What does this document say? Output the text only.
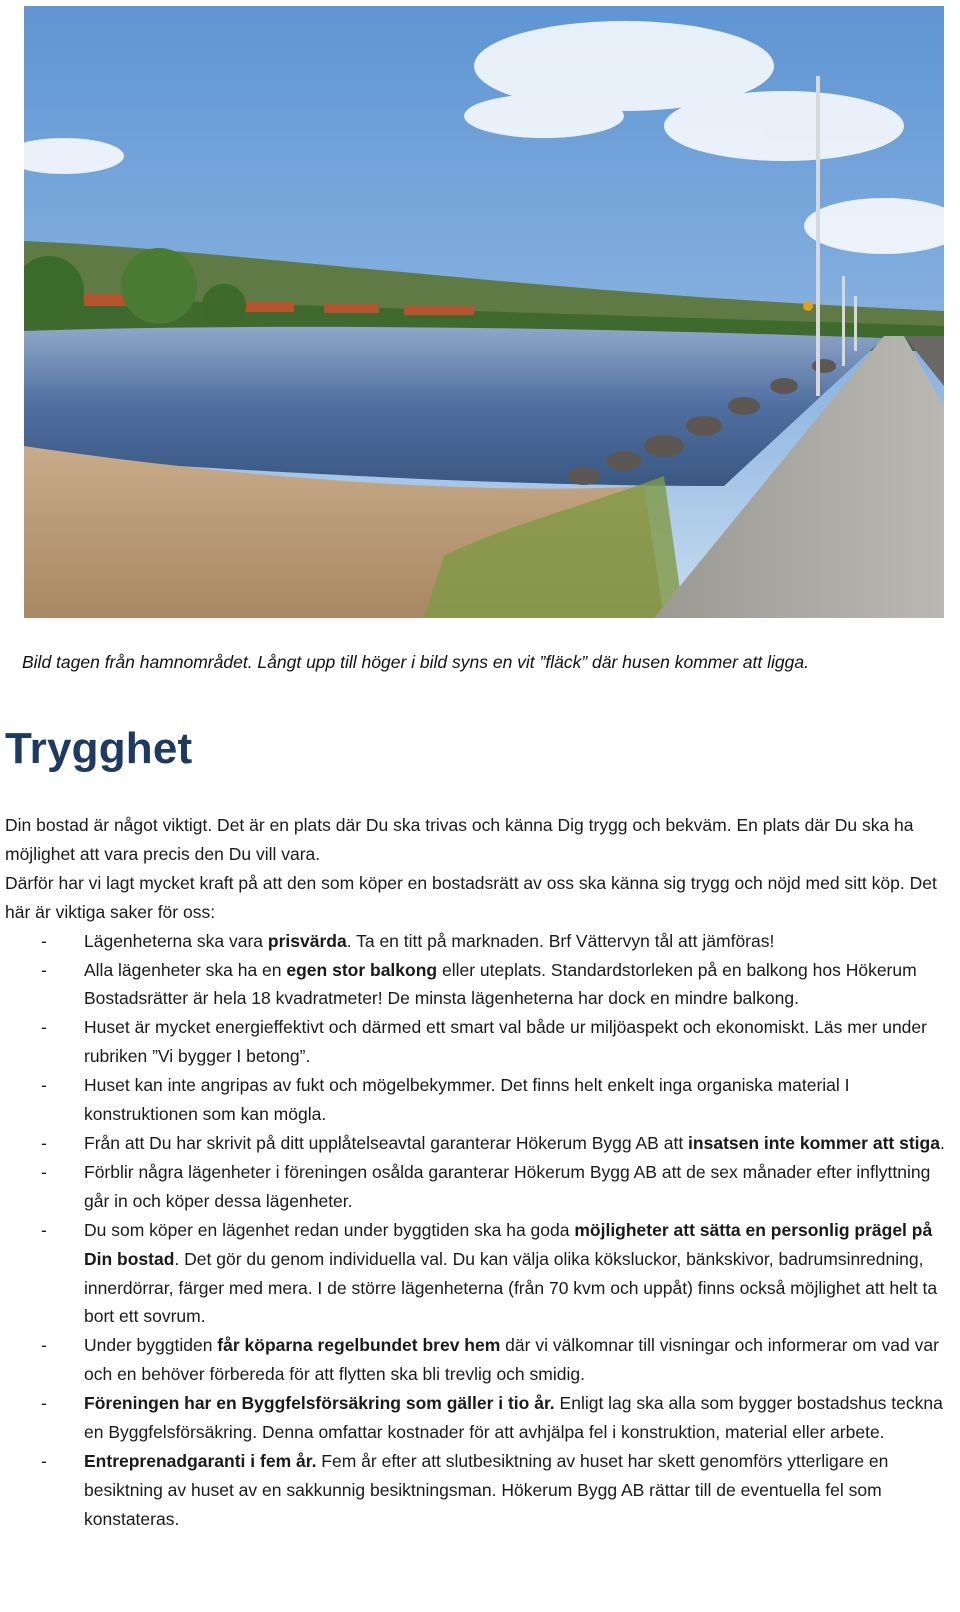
Bild tagen från hamnområdet. Långt upp till höger i bild syns en vit ”fläck” där husen kommer att ligga.
Trygghet

Din bostad är något viktigt. Det är en plats där Du ska trivas och känna Dig trygg och bekväm. En plats där Du ska ha möjlighet att vara precis den Du vill vara.

Därför har vi lagt mycket kraft på att den som köper en bostadsrätt av oss ska känna sig trygg och nöjd med sitt köp. Det här är viktiga saker för oss:

- Lägenheterna ska vara prisvärda. Ta en titt på marknaden. Brf Vättervyn tål att jämföras!
- Alla lägenheter ska ha en egen stor balkong eller uteplats. Standardstorleken på en balkong hos Hökerum Bostadsrätter är hela 18 kvadratmeter! De minsta lägenheterna har dock en mindre balkong.
- Huset är mycket energieffektivt och därmed ett smart val både ur miljöaspekt och ekonomiskt. Läs mer under rubriken ”Vi bygger I betong”.
- Huset kan inte angripas av fukt och mögelbekymmer. Det finns helt enkelt inga organiska material I konstruktionen som kan mögla.
- Från att Du har skrivit på ditt upplåtelseavtal garanterar Hökerum Bygg AB att insatsen inte kommer att stiga.
- Förblir några lägenheter i föreningen osålda garanterar Hökerum Bygg AB att de sex månader efter inflyttning går in och köper dessa lägenheter.
- Du som köper en lägenhet redan under byggtiden ska ha goda möjligheter att sätta en personlig prägel på Din bostad. Det gör du genom individuella val. Du kan välja olika köksluckor, bänkskivor, badrumsinredning, innerdörrar, färger med mera. I de större lägenheterna (från 70 kvm och uppåt) finns också möjlighet att helt ta bort ett sovrum.
- Under byggtiden får köparna regelbundet brev hem där vi välkomnar till visningar och informerar om vad var och en behöver förbereda för att flytten ska bli trevlig och smidig.
- Föreningen har en Byggfelsförsäkring som gäller i tio år. Enligt lag ska alla som bygger bostadshus teckna en Byggfelsförsäkring. Denna omfattar kostnader för att avhjälpa fel i konstruktion, material eller arbete.
- Entreprenadgaranti i fem år. Fem år efter att slutbesiktning av huset har skett genomförs ytterligare en besiktning av huset av en sakkunnig besiktningsman. Hökerum Bygg AB rättar till de eventuella fel som konstateras.
